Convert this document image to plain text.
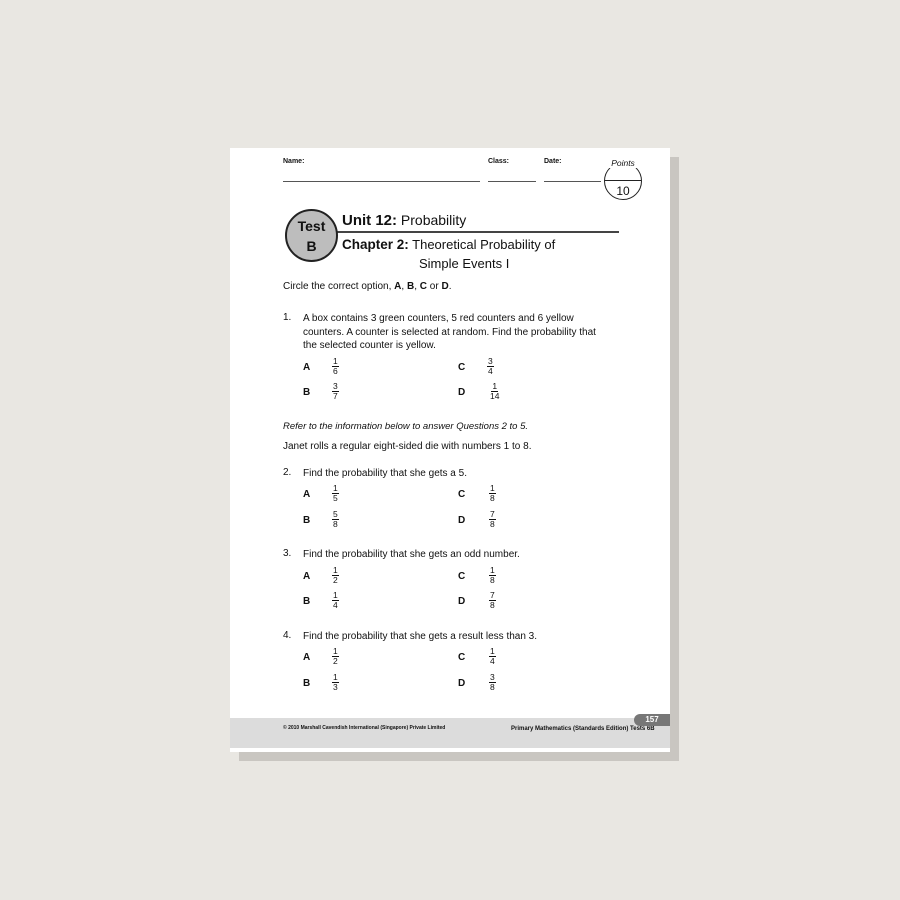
Name:	Class:	Date:	Points
10
Test
B
Unit 12: Probability
Chapter 2: Theoretical Probability of
Simple Events I
Circle the correct option, A, B, C or D.
1. A box contains 3 green counters, 5 red counters and 6 yellow
counters. A counter is selected at random. Find the probability that
the selected counter is yellow.
A	$\frac{1}{6}$	C	$\frac{3}{4}$
B	$\frac{3}{7}$	D	$\frac{1}{14}$
Refer to the information below to answer Questions 2 to 5.
Janet rolls a regular eight-sided die with numbers 1 to 8.
2. Find the probability that she gets a 5.
A	$\frac{1}{5}$	C	$\frac{1}{8}$
B	$\frac{5}{8}$	D	$\frac{7}{8}$
3. Find the probability that she gets an odd number.
A	$\frac{1}{2}$	C	$\frac{1}{8}$
B	$\frac{1}{4}$	D	$\frac{7}{8}$
4. Find the probability that she gets a result less than 3.
A	$\frac{1}{2}$	C	$\frac{1}{4}$
B	$\frac{1}{3}$	D	$\frac{3}{8}$
© 2010 Marshall Cavendish International (Singapore) Private Limited	Primary Mathematics (Standards Edition) Tests 6B
157
